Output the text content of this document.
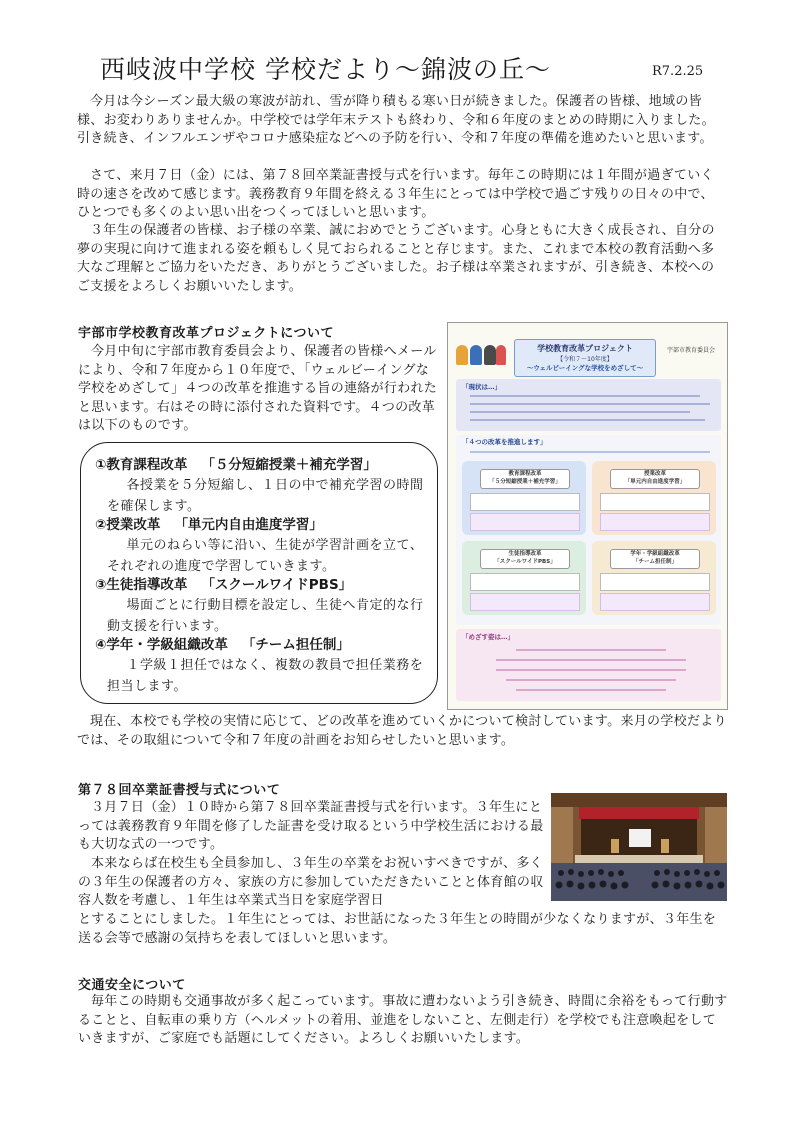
西岐波中学校 学校だより〜錦波の丘〜	R7.2.25

今月は今シーズン最大級の寒波が訪れ、雪が降り積もる寒い日が続きました。保護者の皆様、地域の皆様、お変わりありませんか。中学校では学年末テストも終わり、令和６年度のまとめの時期に入りました。引き続き、インフルエンザやコロナ感染症などへの予防を行い、令和７年度の準備を進めたいと思います。

さて、来月７日（金）には、第７８回卒業証書授与式を行います。毎年この時期には１年間が過ぎていく時の速さを改めて感じます。義務教育９年間を終える３年生にとっては中学校で過ごす残りの日々の中で、ひとつでも多くのよい思い出をつくってほしいと思います。

３年生の保護者の皆様、お子様の卒業、誠におめでとうございます。心身ともに大きく成長され、自分の夢の実現に向けて進まれる姿を頼もしく見ておられることと存じます。また、これまで本校の教育活動へ多大なご理解とご協力をいただき、ありがとうございました。お子様は卒業されますが、引き続き、本校へのご支援をよろしくお願いいたします。

宇部市学校教育改革プロジェクトについて

今月中旬に宇部市教育委員会より、保護者の皆様へメールにより、令和７年度から１０年度で、「ウェルビーイングな学校をめざして」４つの改革を推進する旨の連絡が行われたと思います。右はその時に添付された資料です。４つの改革は以下のものです。

①教育課程改革 「５分短縮授業＋補充学習」
各授業を５分短縮し、１日の中で補充学習の時間を確保します。
②授業改革 「単元内自由進度学習」
単元のねらい等に沿い、生徒が学習計画を立て、それぞれの進度で学習していきます。
③生徒指導改革 「スクールワイドPBS」
場面ごとに行動目標を設定し、生徒へ肯定的な行動支援を行います。
④学年・学級組織改革 「チーム担任制」
１学級１担任ではなく、複数の教員で担任業務を担当します。
学校教育改革プロジェクト
【令和７〜10年度】
〜ウェルビーイングな学校をめざして〜
宇部市教育委員会
「現状は…」
「４つの改革を推進します」
教育課程改革
「５分短縮授業＋補充学習」
授業改革
「単元内自由進度学習」
生徒指導改革
「スクールワイドPBS」
学年・学級組織改革
「チーム担任制」
「めざす姿は…」

現在、本校でも学校の実情に応じて、どの改革を進めていくかについて検討しています。来月の学校だよりでは、その取組について令和７年度の計画をお知らせしたいと思います。

第７８回卒業証書授与式について

３月７日（金）１０時から第７８回卒業証書授与式を行います。３年生にとっては義務教育９年間を修了した証書を受け取るという中学校生活における最も大切な式の一つです。

本来ならば在校生も全員参加し、３年生の卒業をお祝いすべきですが、多くの３年生の保護者の方々、家族の方に参加していただきたいことと体育館の収容人数を考慮し、１年生は卒業式当日を家庭学習日

とすることにしました。１年生にとっては、お世話になった３年生との時間が少なくなりますが、３年生を送る会等で感謝の気持ちを表してほしいと思います。

交通安全について

毎年この時期も交通事故が多く起こっています。事故に遭わないよう引き続き、時間に余裕をもって行動することと、自転車の乗り方（ヘルメットの着用、並進をしないこと、左側走行）を学校でも注意喚起をしていきますが、ご家庭でも話題にしてください。よろしくお願いいたします。
